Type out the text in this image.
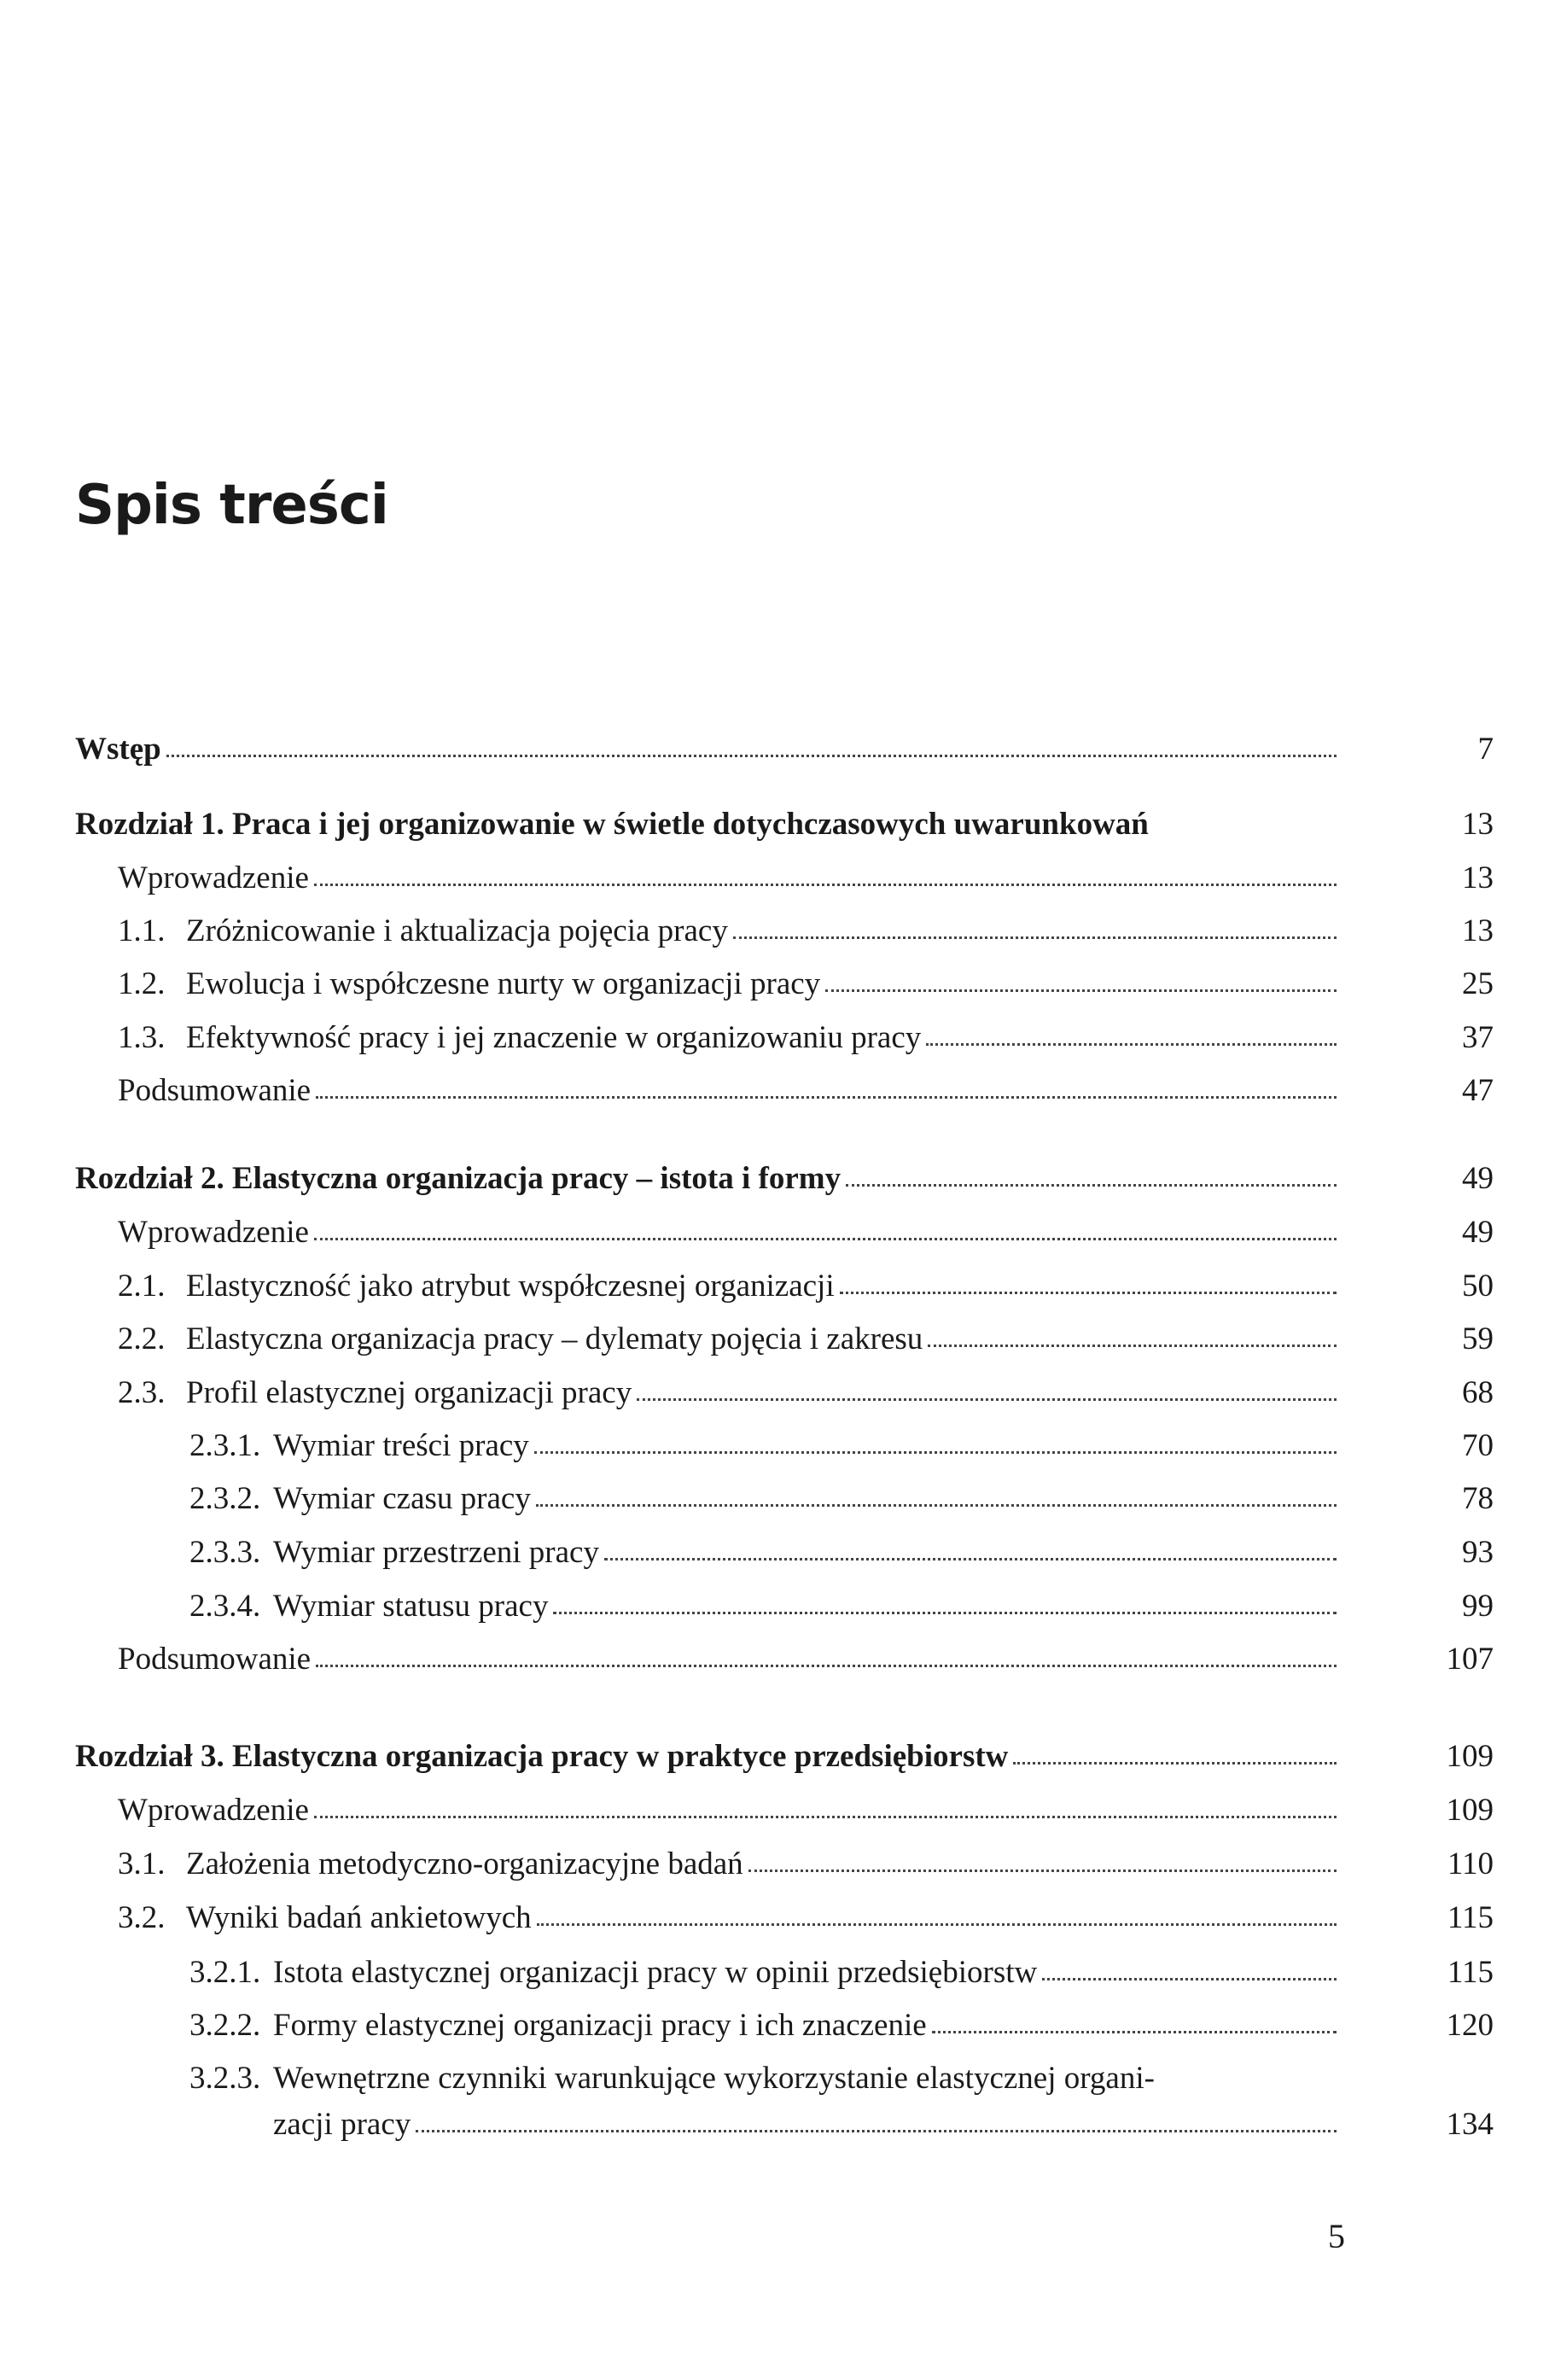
Spis treści
Wstęp	7
Rozdział 1. Praca i jej organizowanie w świetle dotychczasowych uwarunkowań	13
Wprowadzenie	13
1.1. Zróżnicowanie i aktualizacja pojęcia pracy	13
1.2. Ewolucja i współczesne nurty w organizacji pracy	25
1.3. Efektywność pracy i jej znaczenie w organizowaniu pracy	37
Podsumowanie	47
Rozdział 2. Elastyczna organizacja pracy – istota i formy	49
Wprowadzenie	49
2.1. Elastyczność jako atrybut współczesnej organizacji	50
2.2. Elastyczna organizacja pracy – dylematy pojęcia i zakresu	59
2.3. Profil elastycznej organizacji pracy	68
2.3.1. Wymiar treści pracy	70
2.3.2. Wymiar czasu pracy	78
2.3.3. Wymiar przestrzeni pracy	93
2.3.4. Wymiar statusu pracy	99
Podsumowanie	107
Rozdział 3. Elastyczna organizacja pracy w praktyce przedsiębiorstw	109
Wprowadzenie	109
3.1. Założenia metodyczno-organizacyjne badań	110
3.2. Wyniki badań ankietowych	115
3.2.1. Istota elastycznej organizacji pracy w opinii przedsiębiorstw	115
3.2.2. Formy elastycznej organizacji pracy i ich znaczenie	120
3.2.3. Wewnętrzne czynniki warunkujące wykorzystanie elastycznej organi-
zacji pracy	134
5
